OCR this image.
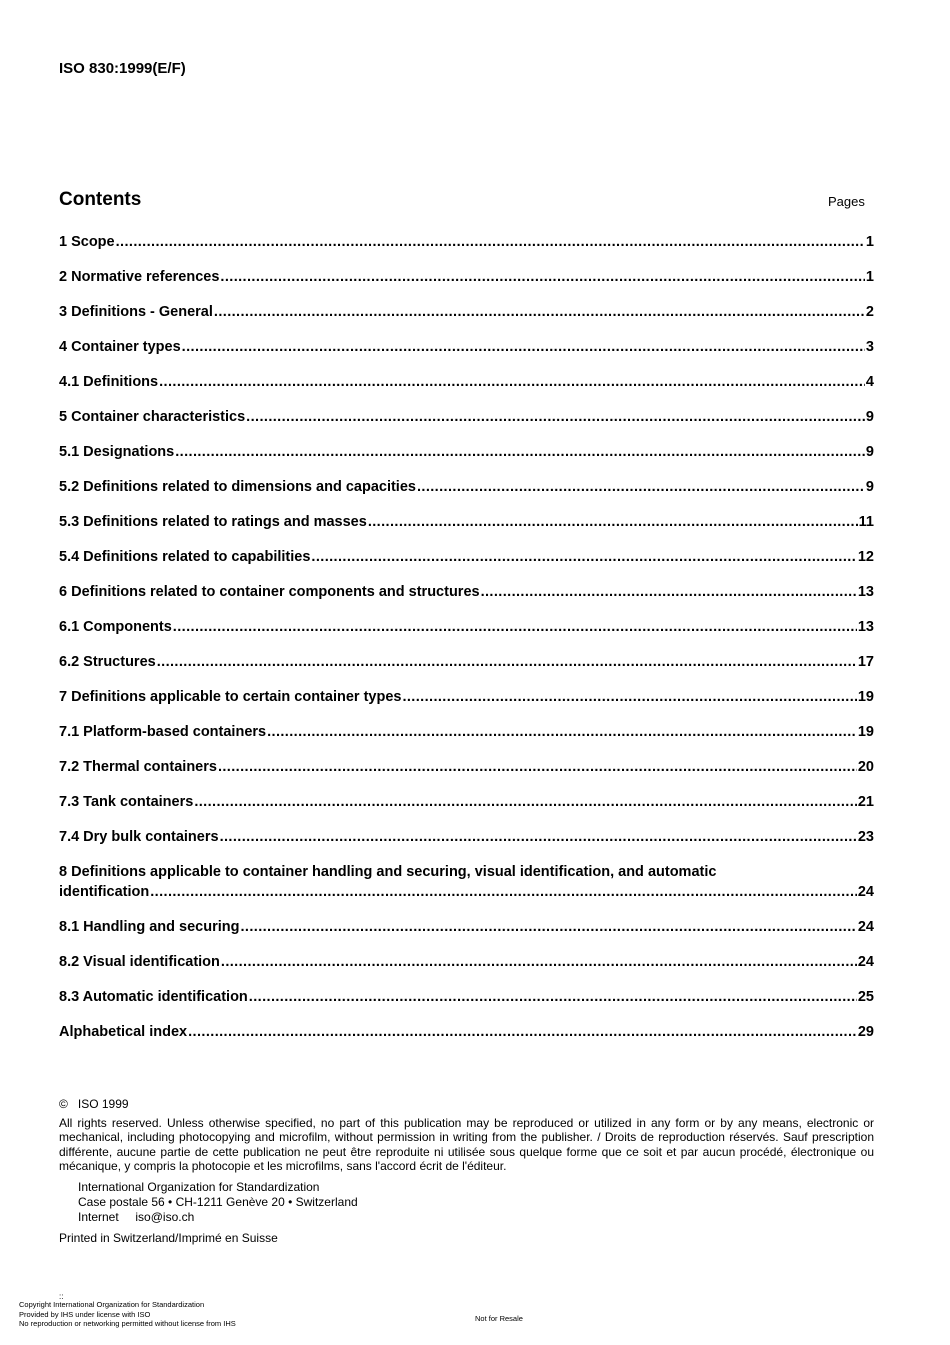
ISO 830:1999(E/F)
Contents	Pages
1 Scope .....	1
2 Normative references .....	1
3 Definitions - General .....	2
4 Container types .....	3
4.1 Definitions .....	4
5 Container characteristics .....	9
5.1 Designations .....	9
5.2 Definitions related to dimensions and capacities .....	9
5.3 Definitions related to ratings and masses .....	11
5.4 Definitions related to capabilities .....	12
6 Definitions related to container components and structures .....	13
6.1 Components .....	13
6.2 Structures .....	17
7 Definitions applicable to certain container types .....	19
7.1 Platform-based containers .....	19
7.2 Thermal containers .....	20
7.3 Tank containers .....	21
7.4 Dry bulk containers .....	23
8 Definitions applicable to container handling and securing, visual identification, and automatic
identification .....	24
8.1 Handling and securing .....	24
8.2 Visual identification .....	24
8.3 Automatic identification .....	25
Alphabetical index .....	29
© ISO 1999
All rights reserved. Unless otherwise specified, no part of this publication may be reproduced or utilized in any form or by any means, electronic or mechanical, including photocopying and microfilm, without permission in writing from the publisher. / Droits de reproduction réservés. Sauf prescription différente, aucune partie de cette publication ne peut être reproduite ni utilisée sous quelque forme que ce soit et par aucun procédé, électronique ou mécanique, y compris la photocopie et les microfilms, sans l'accord écrit de l'éditeur.
International Organization for Standardization
Case postale 56 • CH-1211 Genève 20 • Switzerland
Internet iso@iso.ch
Printed in Switzerland/Imprimé en Suisse
::
Copyright International Organization for Standardization
Provided by IHS under license with ISO
No reproduction or networking permitted without license from IHS
Not for Resale
